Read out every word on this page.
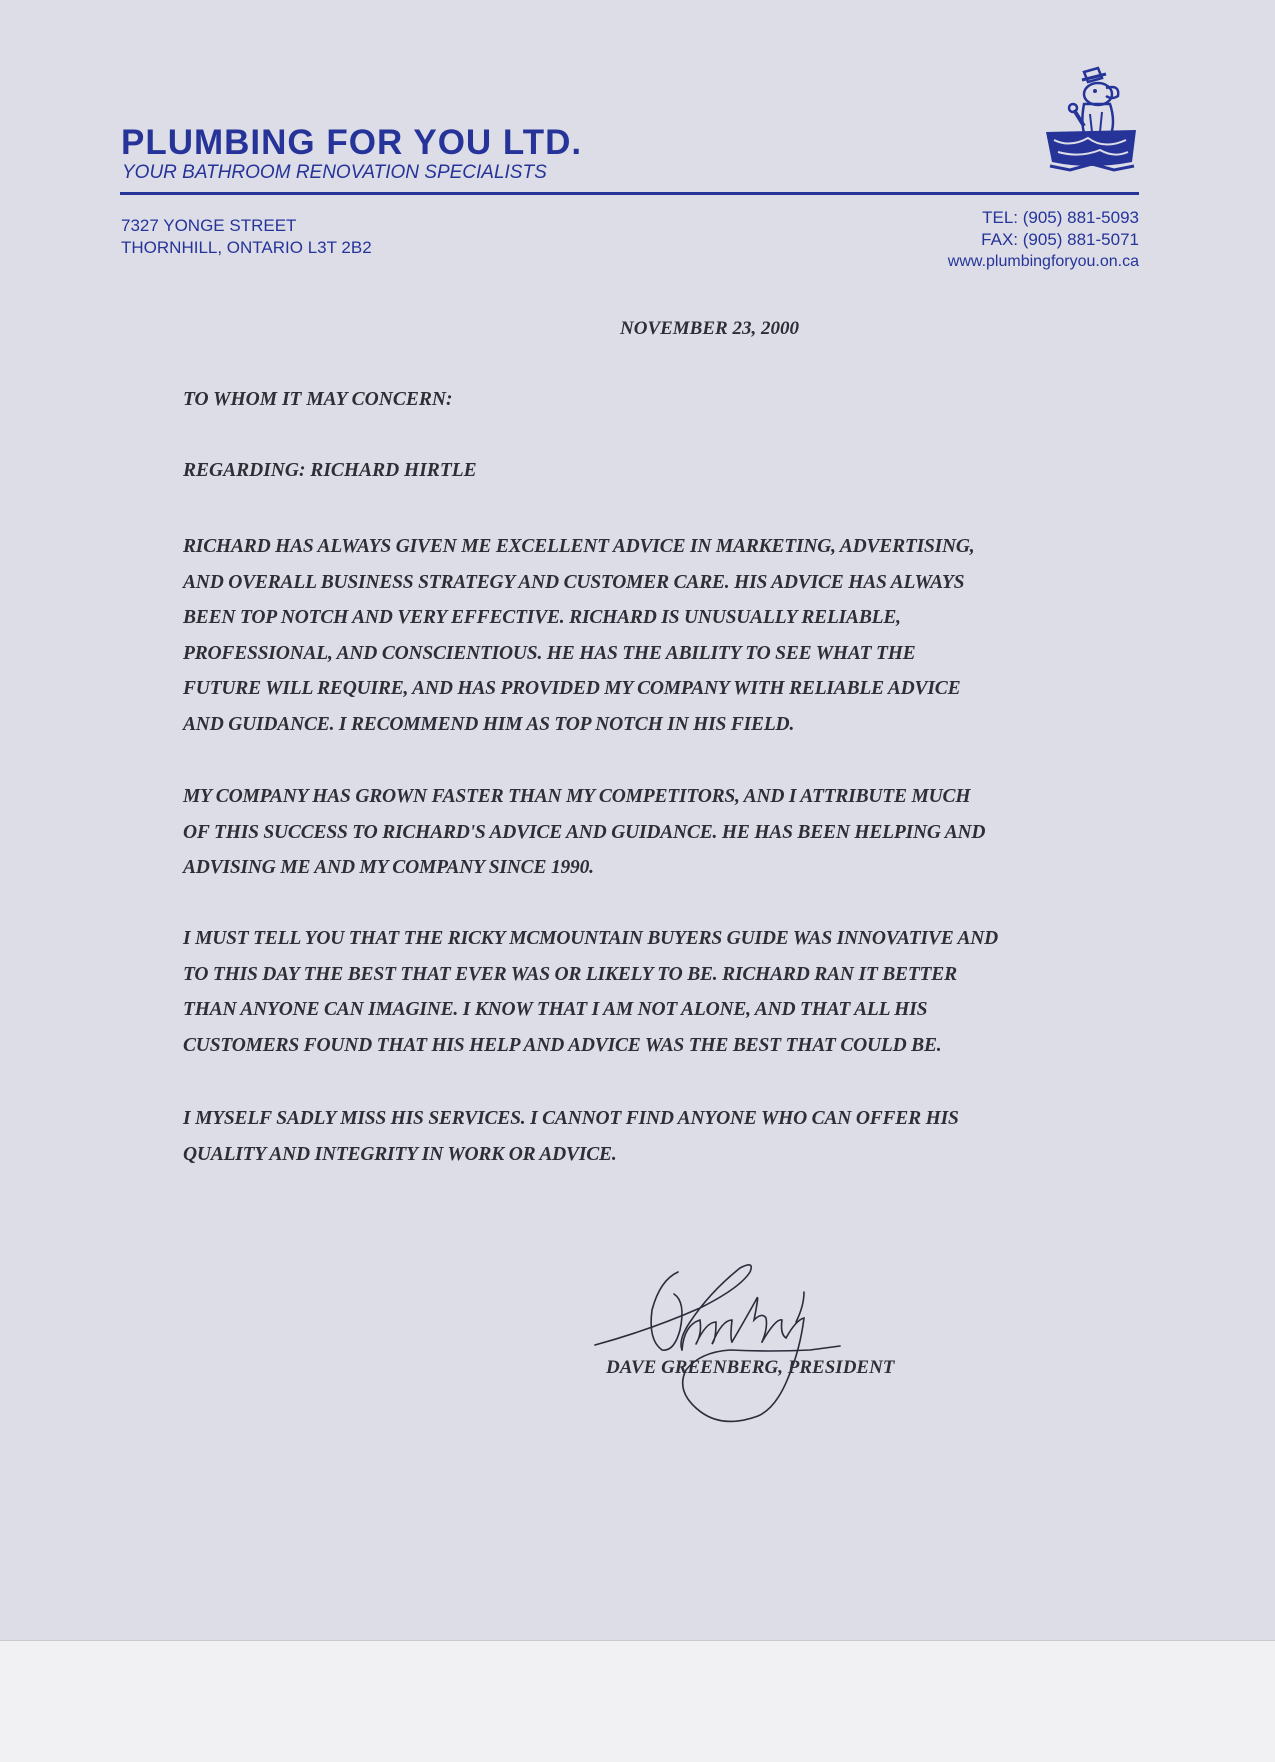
PLUMBING FOR YOU LTD.
YOUR BATHROOM RENOVATION SPECIALISTS
7327 YONGE STREET
THORNHILL, ONTARIO L3T 2B2
TEL: (905) 881-5093
FAX: (905) 881-5071
www.plumbingforyou.on.ca
NOVEMBER 23, 2000
TO WHOM IT MAY CONCERN:
REGARDING: RICHARD HIRTLE
RICHARD HAS ALWAYS GIVEN ME EXCELLENT ADVICE IN MARKETING, ADVERTISING,
AND OVERALL BUSINESS STRATEGY AND CUSTOMER CARE. HIS ADVICE HAS ALWAYS
BEEN TOP NOTCH AND VERY EFFECTIVE. RICHARD IS UNUSUALLY RELIABLE,
PROFESSIONAL, AND CONSCIENTIOUS. HE HAS THE ABILITY TO SEE WHAT THE
FUTURE WILL REQUIRE, AND HAS PROVIDED MY COMPANY WITH RELIABLE ADVICE
AND GUIDANCE. I RECOMMEND HIM AS TOP NOTCH IN HIS FIELD.
MY COMPANY HAS GROWN FASTER THAN MY COMPETITORS, AND I ATTRIBUTE MUCH
OF THIS SUCCESS TO RICHARD'S ADVICE AND GUIDANCE. HE HAS BEEN HELPING AND
ADVISING ME AND MY COMPANY SINCE 1990.
I MUST TELL YOU THAT THE RICKY MCMOUNTAIN BUYERS GUIDE WAS INNOVATIVE AND
TO THIS DAY THE BEST THAT EVER WAS OR LIKELY TO BE. RICHARD RAN IT BETTER
THAN ANYONE CAN IMAGINE. I KNOW THAT I AM NOT ALONE, AND THAT ALL HIS
CUSTOMERS FOUND THAT HIS HELP AND ADVICE WAS THE BEST THAT COULD BE.
I MYSELF SADLY MISS HIS SERVICES. I CANNOT FIND ANYONE WHO CAN OFFER HIS
QUALITY AND INTEGRITY IN WORK OR ADVICE.
DAVE GREENBERG, PRESIDENT
